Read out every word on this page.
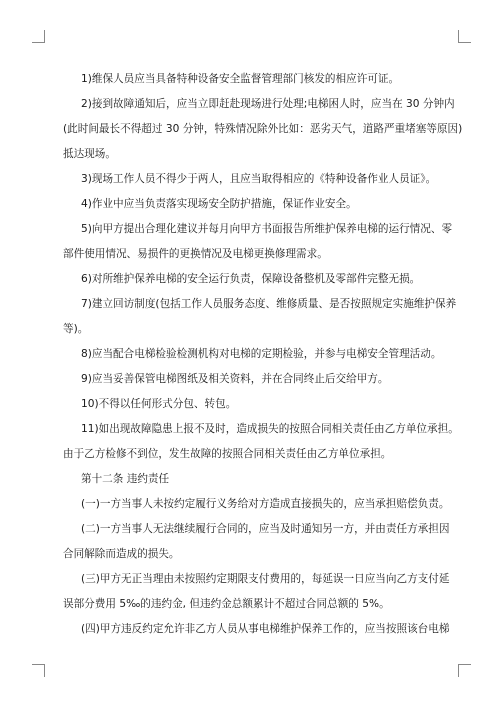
1)维保人员应当具备特种设备安全监督管理部门核发的相应许可证。
2)接到故障通知后，应当立即赶赴现场进行处理;电梯困人时，应当在 30 分钟内
(此时间最长不得超过 30 分钟，特殊情况除外比如：恶劣天气，道路严重堵塞等原因)
抵达现场。
3)现场工作人员不得少于两人，且应当取得相应的《特种设备作业人员证》。
4)作业中应当负责落实现场安全防护措施，保证作业安全。
5)向甲方提出合理化建议并每月向甲方书面报告所维护保养电梯的运行情况、零
部件使用情况、易损件的更换情况及电梯更换修理需求。
6)对所维护保养电梯的安全运行负责，保障设备整机及零部件完整无损。
7)建立回访制度(包括工作人员服务态度、维修质量、是否按照规定实施维护保养
等)。
8)应当配合电梯检验检测机构对电梯的定期检验，并参与电梯安全管理活动。
9)应当妥善保管电梯图纸及相关资料，并在合同终止后交给甲方。
10)不得以任何形式分包、转包。
11)如出现故障隐患上报不及时，造成损失的按照合同相关责任由乙方单位承担。
由于乙方检修不到位，发生故障的按照合同相关责任由乙方单位承担。
第十二条 违约责任
(一)一方当事人未按约定履行义务给对方造成直接损失的，应当承担赔偿负责。
(二)一方当事人无法继续履行合同的，应当及时通知另一方，并由责任方承担因
合同解除而造成的损失。
(三)甲方无正当理由未按照约定期限支付费用的，每延误一日应当向乙方支付延
误部分费用 5‰的违约金, 但违约金总额累计不超过合同总额的 5%。
(四)甲方违反约定允许非乙方人员从事电梯维护保养工作的，应当按照该台电梯
